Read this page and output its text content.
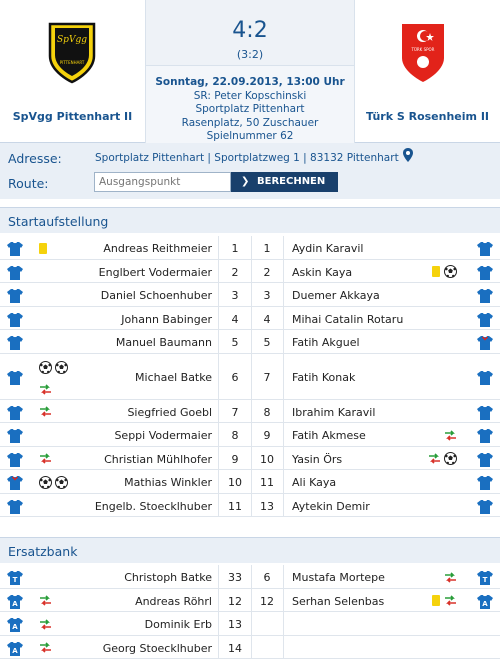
SpVgg
PITTENHART
SpVgg Pittenhart II
4:2
(3:2)
Sonntag, 22.09.2013, 13:00 Uhr
SR: Peter Kopschinski
Sportplatz Pittenhart
Rasenplatz, 50 Zuschauer
Spielnummer 62
TÜRK SPOR
Türk S Rosenheim II
Adresse:	Sportplatz Pittenhart | Sportplatzweg 1 | 83132 Pittenhart
Route:
Ausgangspunkt	❯ BERECHNEN
Startaufstellung
Andreas Reithmeier	1	1	Aydin Karavil
Englbert Vodermaier	2	2	Askin Kaya
Daniel Schoenhuber	3	3	Duemer Akkaya
Johann Babinger	4	4	Mihai Catalin Rotaru
Manuel Baumann	5	5	Fatih Akguel

Michael Batke	6	7	Fatih Konak
Siegfried Goebl	7	8	Ibrahim Karavil
Seppi Vodermaier	8	9	Fatih Akmese
Christian Mühlhofer	9	10	Yasin Örs
Mathias Winkler	10	11	Ali Kaya
Engelb. Stoecklhuber	11	13	Aytekin Demir
Ersatzbank
T	Christoph Batke	33	6	Mustafa Mortepe	T
A	Andreas Röhrl	12	12	Serhan Selenbas	A
A	Dominik Erb	13
A	Georg Stoecklhuber	14
